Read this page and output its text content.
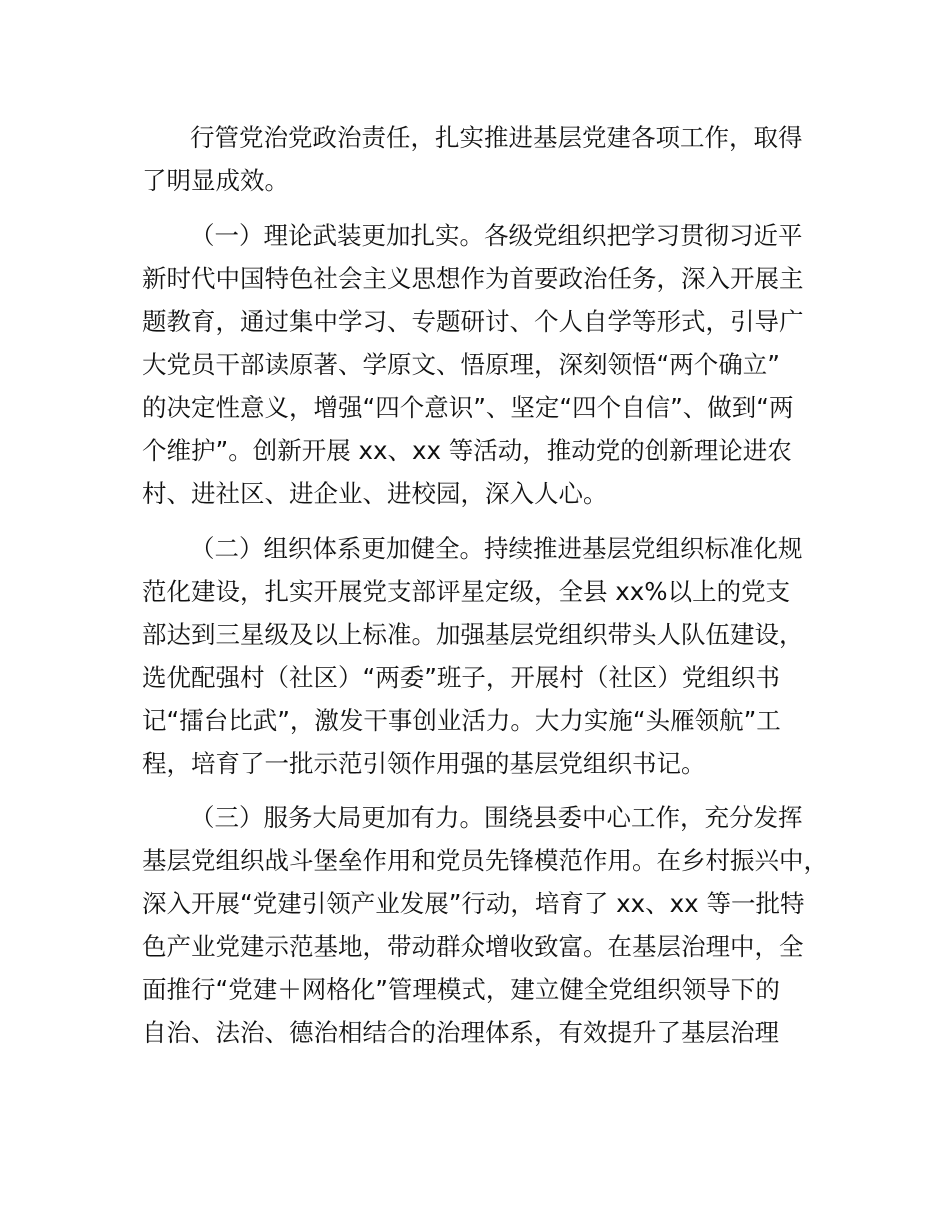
行管党治党政治责任，扎实推进基层党建各项工作，取得
了明显成效。
（一）理论武装更加扎实。各级党组织把学习贯彻习近平
新时代中国特色社会主义思想作为首要政治任务，深入开展主
题教育，通过集中学习、专题研讨、个人自学等形式，引导广
大党员干部读原著、学原文、悟原理，深刻领悟“两个确立”
的决定性意义，增强“四个意识”、坚定“四个自信”、做到“两
个维护”。创新开展 xx、xx 等活动，推动党的创新理论进农
村、进社区、进企业、进校园，深入人心。
（二）组织体系更加健全。持续推进基层党组织标准化规
范化建设，扎实开展党支部评星定级，全县 xx%以上的党支
部达到三星级及以上标准。加强基层党组织带头人队伍建设，
选优配强村（社区）“两委”班子，开展村（社区）党组织书
记“擂台比武”，激发干事创业活力。大力实施“头雁领航”工
程，培育了一批示范引领作用强的基层党组织书记。
（三）服务大局更加有力。围绕县委中心工作，充分发挥
基层党组织战斗堡垒作用和党员先锋模范作用。在乡村振兴中，
深入开展“党建引领产业发展”行动，培育了 xx、xx 等一批特
色产业党建示范基地，带动群众增收致富。在基层治理中，全
面推行“党建＋网格化”管理模式，建立健全党组织领导下的
自治、法治、德治相结合的治理体系，有效提升了基层治理
